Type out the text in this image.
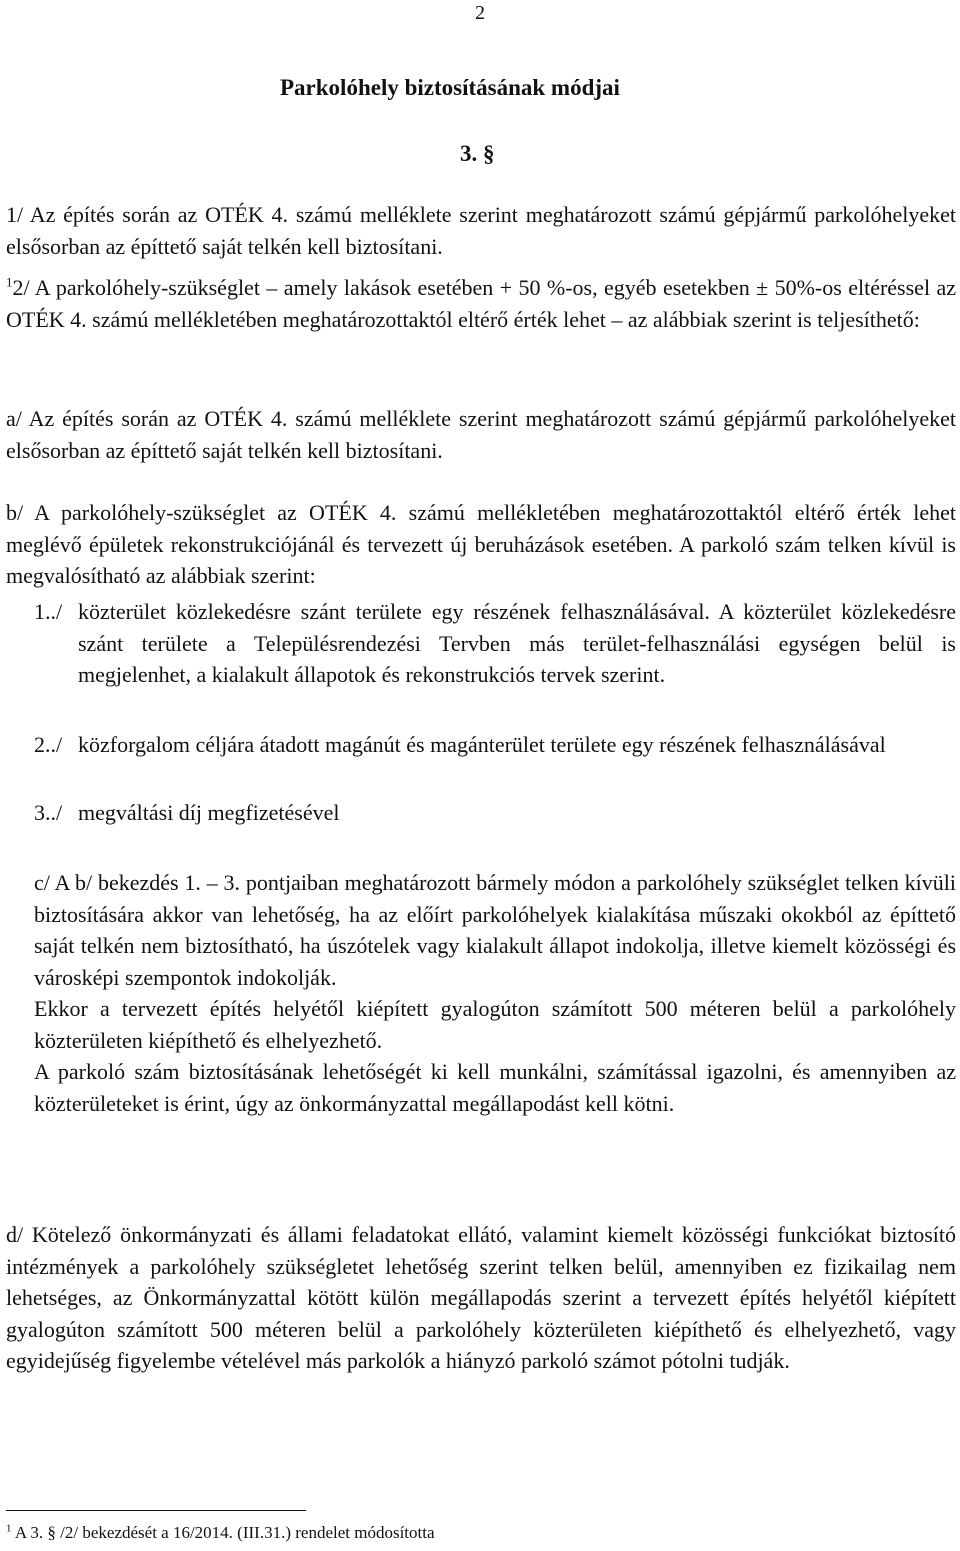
2
Parkolóhely biztosításának módjai
3. §
1/ Az építés során az OTÉK 4. számú melléklete szerint meghatározott számú gépjármű parkolóhelyeket elsősorban az építtető saját telkén kell biztosítani.
$^1$2/ A parkolóhely-szükséglet – amely lakások esetében + 50 %-os, egyéb esetekben ± 50%-os eltéréssel az OTÉK 4. számú mellékletében meghatározottaktól eltérő érték lehet – az alábbiak szerint is teljesíthető:
a/ Az építés során az OTÉK 4. számú melléklete szerint meghatározott számú gépjármű parkolóhelyeket elsősorban az építtető saját telkén kell biztosítani.
b/ A parkolóhely-szükséglet az OTÉK 4. számú mellékletében meghatározottaktól eltérő érték lehet meglévő épületek rekonstrukciójánál és tervezett új beruházások esetében. A parkoló szám telken kívül is megvalósítható az alábbiak szerint:
1../ közterület közlekedésre szánt területe egy részének felhasználásával. A közterület közlekedésre szánt területe a Településrendezési Tervben más terület-felhasználási egységen belül is megjelenhet, a kialakult állapotok és rekonstrukciós tervek szerint.
2../ közforgalom céljára átadott magánút és magánterület területe egy részének felhasználásával
3../ megváltási díj megfizetésével
c/ A b/ bekezdés 1. – 3. pontjaiban meghatározott bármely módon a parkolóhely szükséglet telken kívüli biztosítására akkor van lehetőség, ha az előírt parkolóhelyek kialakítása műszaki okokból az építtető saját telkén nem biztosítható, ha úszótelek vagy kialakult állapot indokolja, illetve kiemelt közösségi és városképi szempontok indokolják.
Ekkor a tervezett építés helyétől kiépített gyalogúton számított 500 méteren belül a parkolóhely közterületen kiépíthető és elhelyezhető.
A parkoló szám biztosításának lehetőségét ki kell munkálni, számítással igazolni, és amennyiben az közterületeket is érint, úgy az önkormányzattal megállapodást kell kötni.
d/ Kötelező önkormányzati és állami feladatokat ellátó, valamint kiemelt közösségi funkciókat biztosító intézmények a parkolóhely szükségletet lehetőség szerint telken belül, amennyiben ez fizikailag nem lehetséges, az Önkormányzattal kötött külön megállapodás szerint a tervezett építés helyétől kiépített gyalogúton számított 500 méteren belül a parkolóhely közterületen kiépíthető és elhelyezhető, vagy egyidejűség figyelembe vételével más parkolók a hiányzó parkoló számot pótolni tudják.
$^1$ A 3. § /2/ bekezdését a 16/2014. (III.31.) rendelet módosította
